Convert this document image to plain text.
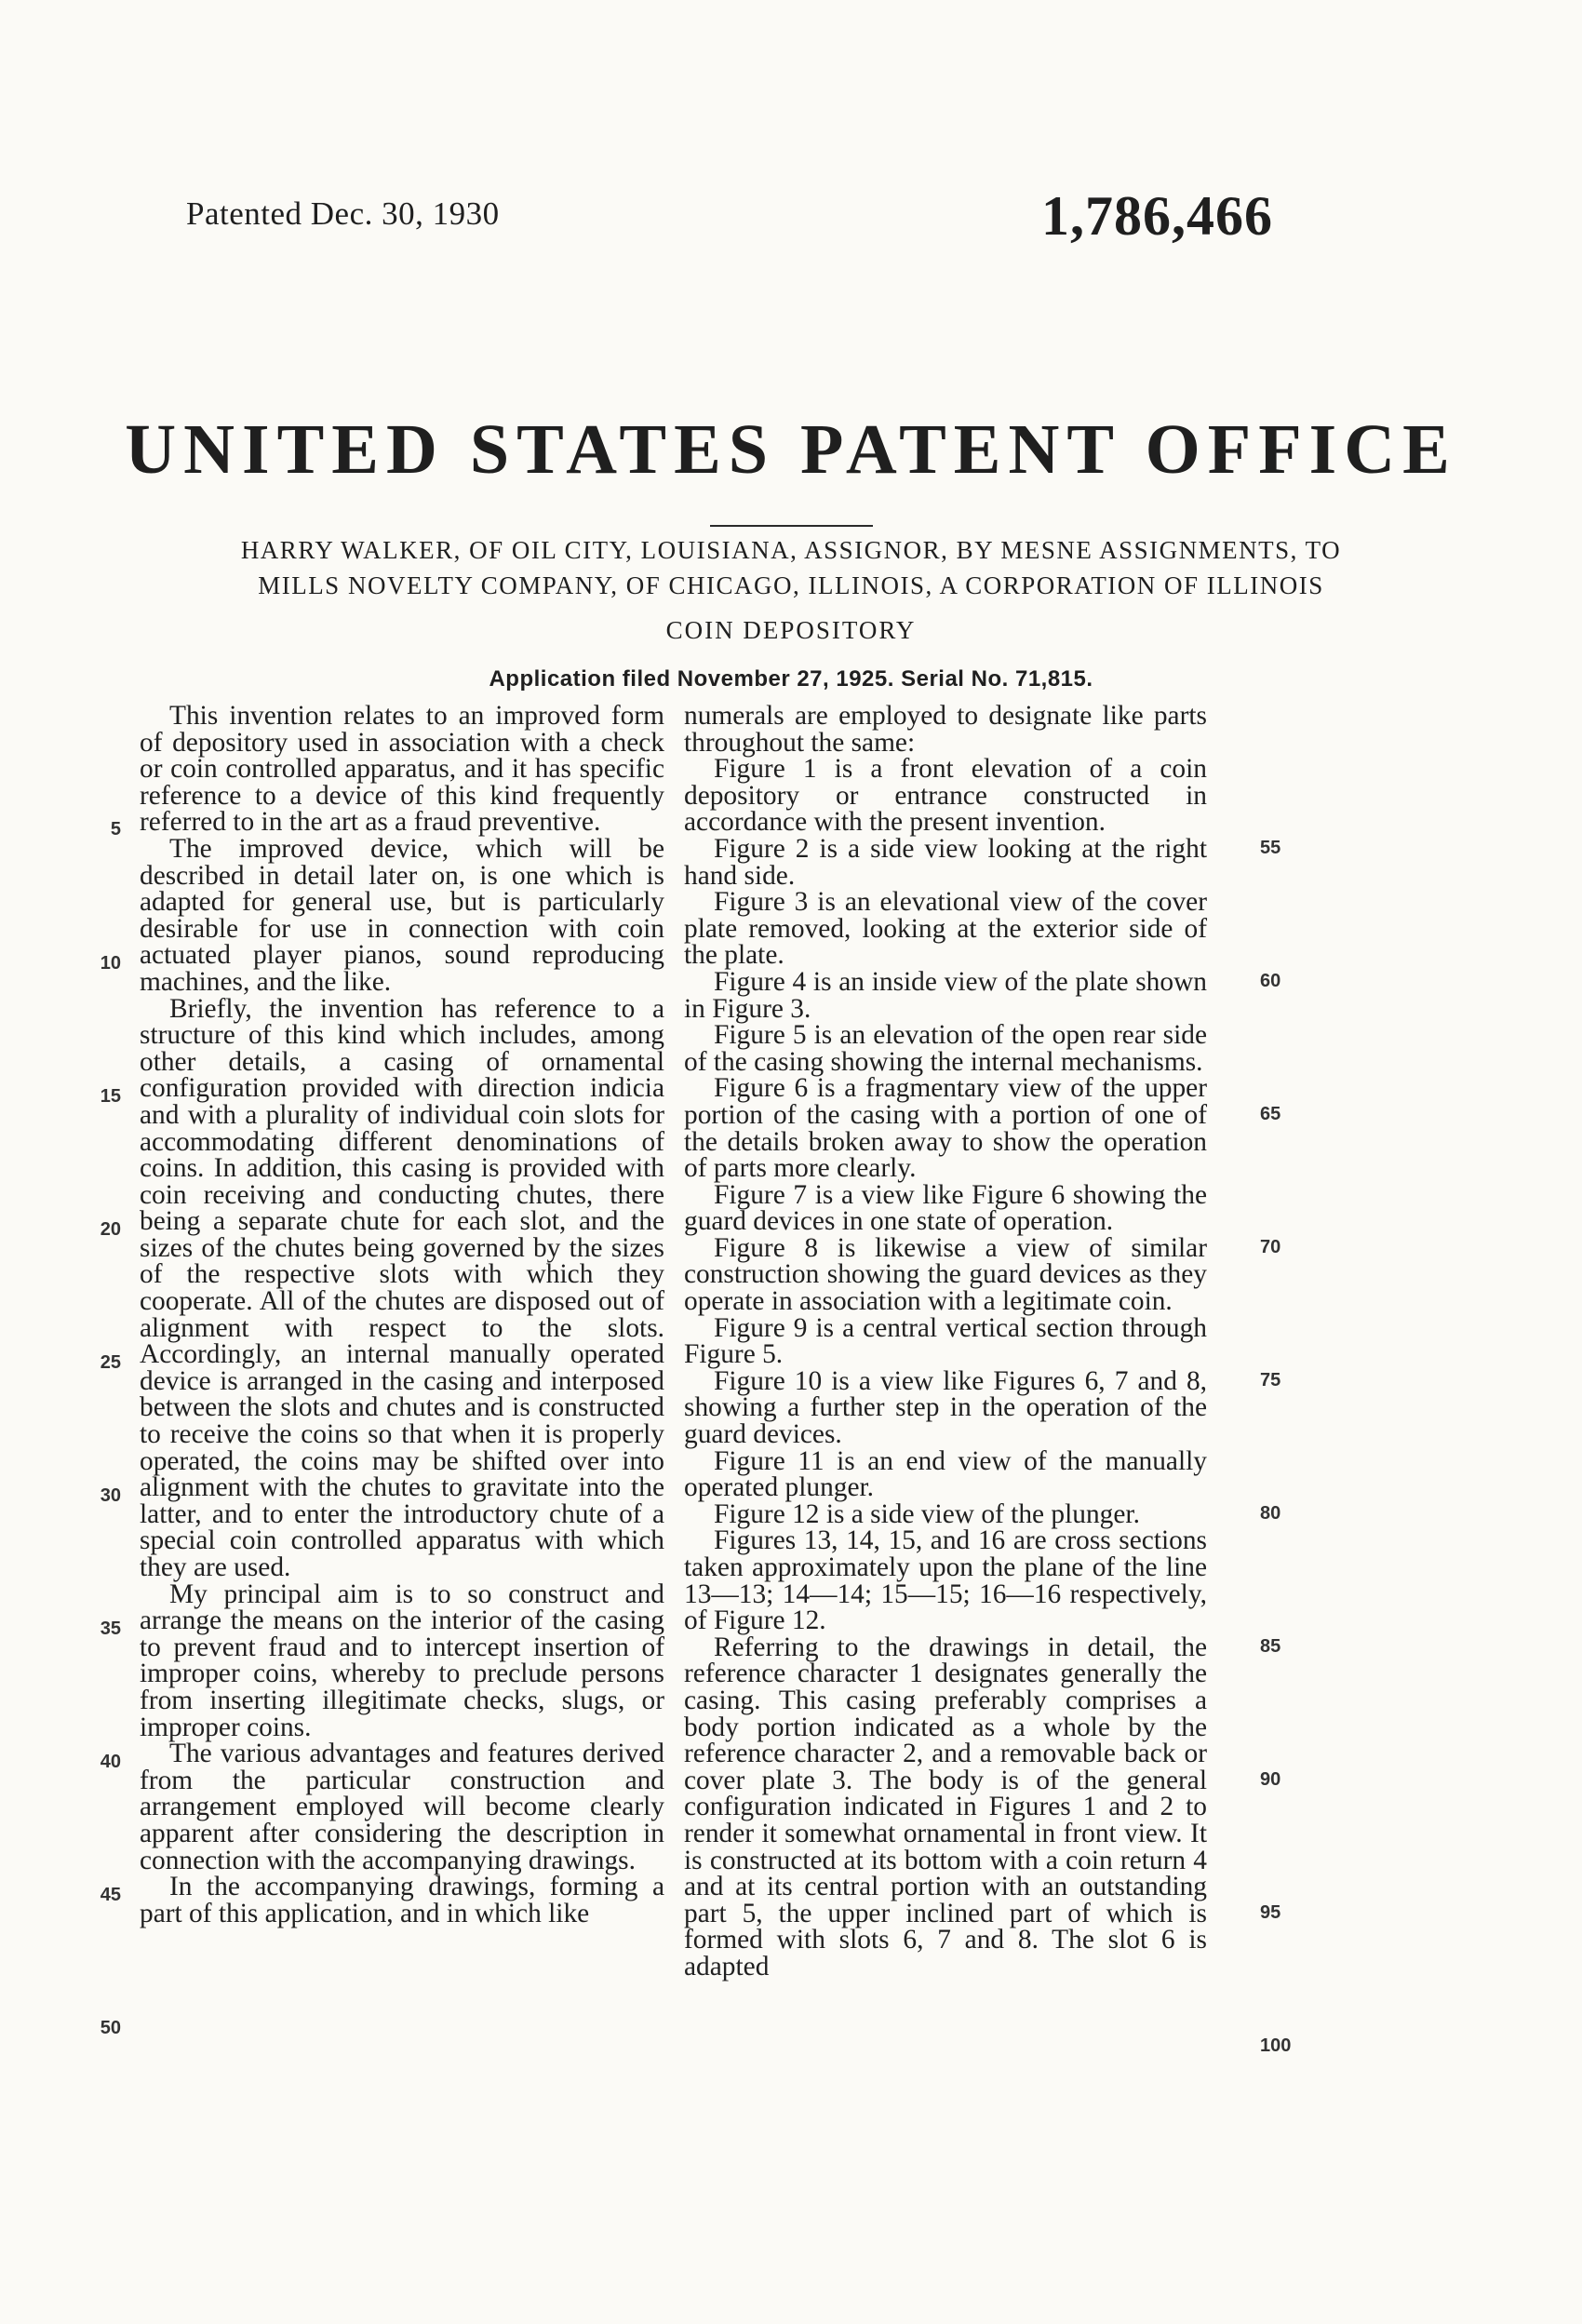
Patented Dec. 30, 1930	1,786,466
UNITED STATES PATENT OFFICE
HARRY WALKER, OF OIL CITY, LOUISIANA, ASSIGNOR, BY MESNE ASSIGNMENTS, TO
MILLS NOVELTY COMPANY, OF CHICAGO, ILLINOIS, A CORPORATION OF ILLINOIS
COIN DEPOSITORY
Application filed November 27, 1925. Serial No. 71,815.

This invention relates to an improved form of depository used in association with a check or coin controlled apparatus, and it has specific reference to a device of this kind frequently referred to in the art as a fraud preventive.

The improved device, which will be described in detail later on, is one which is adapted for general use, but is particularly desirable for use in connection with coin actuated player pianos, sound reproducing machines, and the like.

Briefly, the invention has reference to a structure of this kind which includes, among other details, a casing of ornamental configuration provided with direction indicia and with a plurality of individual coin slots for accommodating different denominations of coins. In addition, this casing is provided with coin receiving and conducting chutes, there being a separate chute for each slot, and the sizes of the chutes being governed by the sizes of the respective slots with which they cooperate. All of the chutes are disposed out of alignment with respect to the slots. Accordingly, an internal manually operated device is arranged in the casing and interposed between the slots and chutes and is constructed to receive the coins so that when it is properly operated, the coins may be shifted over into alignment with the chutes to gravitate into the latter, and to enter the introductory chute of a special coin controlled apparatus with which they are used.

My principal aim is to so construct and arrange the means on the interior of the casing to prevent fraud and to intercept insertion of improper coins, whereby to preclude persons from inserting illegitimate checks, slugs, or improper coins.

The various advantages and features derived from the particular construction and arrangement employed will become clearly apparent after considering the description in connection with the accompanying drawings.

In the accompanying drawings, forming a part of this application, and in which like

numerals are employed to designate like parts throughout the same:

Figure 1 is a front elevation of a coin depository or entrance constructed in accordance with the present invention.

Figure 2 is a side view looking at the right hand side.

Figure 3 is an elevational view of the cover plate removed, looking at the exterior side of the plate.

Figure 4 is an inside view of the plate shown in Figure 3.

Figure 5 is an elevation of the open rear side of the casing showing the internal mechanisms.

Figure 6 is a fragmentary view of the upper portion of the casing with a portion of one of the details broken away to show the operation of parts more clearly.

Figure 7 is a view like Figure 6 showing the guard devices in one state of operation.

Figure 8 is likewise a view of similar construction showing the guard devices as they operate in association with a legitimate coin.

Figure 9 is a central vertical section through Figure 5.

Figure 10 is a view like Figures 6, 7 and 8, showing a further step in the operation of the guard devices.

Figure 11 is an end view of the manually operated plunger.

Figure 12 is a side view of the plunger.

Figures 13, 14, 15, and 16 are cross sections taken approximately upon the plane of the line 13—13; 14—14; 15—15; 16—16 respectively, of Figure 12.

Referring to the drawings in detail, the reference character 1 designates generally the casing. This casing preferably comprises a body portion indicated as a whole by the reference character 2, and a removable back or cover plate 3. The body is of the general configuration indicated in Figures 1 and 2 to render it somewhat ornamental in front view. It is constructed at its bottom with a coin return 4 and at its central portion with an outstanding part 5, the upper inclined part of which is formed with slots 6, 7 and 8. The slot 6 is adapted

5
10
15
20
25
30
35
40
45
50
55
60
65
70
75
80
85
90
95
100
